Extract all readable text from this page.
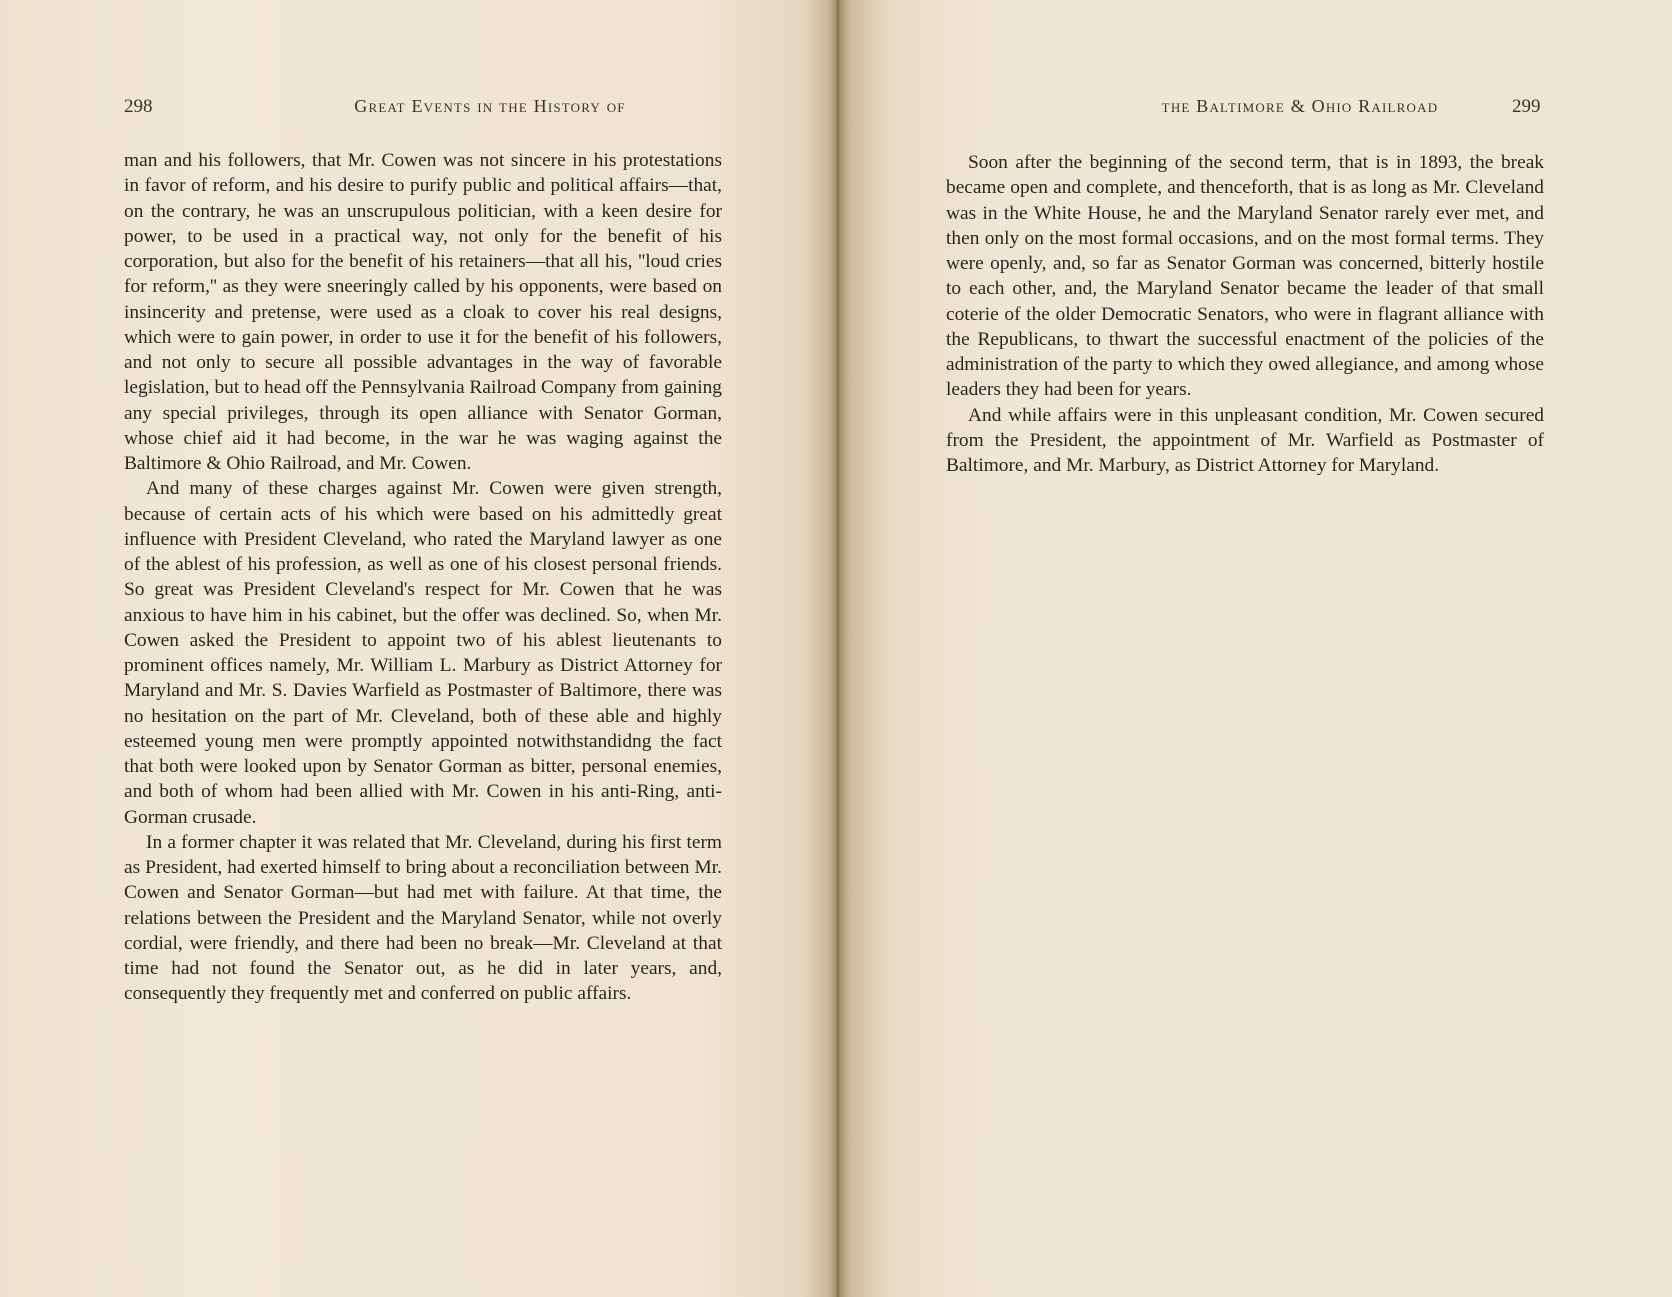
298	Great Events in the History of

man and his followers, that Mr. Cowen was not sincere in his protestations in favor of reform, and his desire to purify public and political affairs—that, on the contrary, he was an unscrupulous politician, with a keen desire for power, to be used in a practical way, not only for the benefit of his corporation, but also for the benefit of his retainers—that all his, ''loud cries for reform,'' as they were sneeringly called by his opponents, were based on insincerity and pretense, were used as a cloak to cover his real designs, which were to gain power, in order to use it for the benefit of his followers, and not only to secure all possible advantages in the way of favorable legislation, but to head off the Pennsylvania Railroad Company from gaining any special privileges, through its open alliance with Senator Gorman, whose chief aid it had become, in the war he was waging against the Baltimore & Ohio Railroad, and Mr. Cowen.

And many of these charges against Mr. Cowen were given strength, because of certain acts of his which were based on his admittedly great influence with President Cleveland, who rated the Maryland lawyer as one of the ablest of his profession, as well as one of his closest personal friends. So great was President Cleveland's respect for Mr. Cowen that he was anxious to have him in his cabinet, but the offer was declined. So, when Mr. Cowen asked the President to appoint two of his ablest lieutenants to prominent offices namely, Mr. William L. Marbury as District Attorney for Maryland and Mr. S. Davies Warfield as Postmaster of Baltimore, there was no hesitation on the part of Mr. Cleveland, both of these able and highly esteemed young men were promptly appointed notwithstandidng the fact that both were looked upon by Senator Gorman as bitter, personal enemies, and both of whom had been allied with Mr. Cowen in his anti-Ring, anti-Gorman crusade.

In a former chapter it was related that Mr. Cleveland, during his first term as President, had exerted himself to bring about a reconciliation between Mr. Cowen and Senator Gorman—but had met with failure. At that time, the relations between the President and the Maryland Senator, while not overly cordial, were friendly, and there had been no break—Mr. Cleveland at that time had not found the Senator out, as he did in later years, and, consequently they frequently met and conferred on public affairs.

the Baltimore & Ohio Railroad	299

Soon after the beginning of the second term, that is in 1893, the break became open and complete, and thenceforth, that is as long as Mr. Cleveland was in the White House, he and the Maryland Senator rarely ever met, and then only on the most formal occasions, and on the most formal terms. They were openly, and, so far as Senator Gorman was concerned, bitterly hostile to each other, and, the Maryland Senator became the leader of that small coterie of the older Democratic Senators, who were in flagrant alliance with the Republicans, to thwart the successful enactment of the policies of the administration of the party to which they owed allegiance, and among whose leaders they had been for years.

And while affairs were in this unpleasant condition, Mr. Cowen secured from the President, the appointment of Mr. Warfield as Postmaster of Baltimore, and Mr. Marbury, as District Attorney for Maryland.
